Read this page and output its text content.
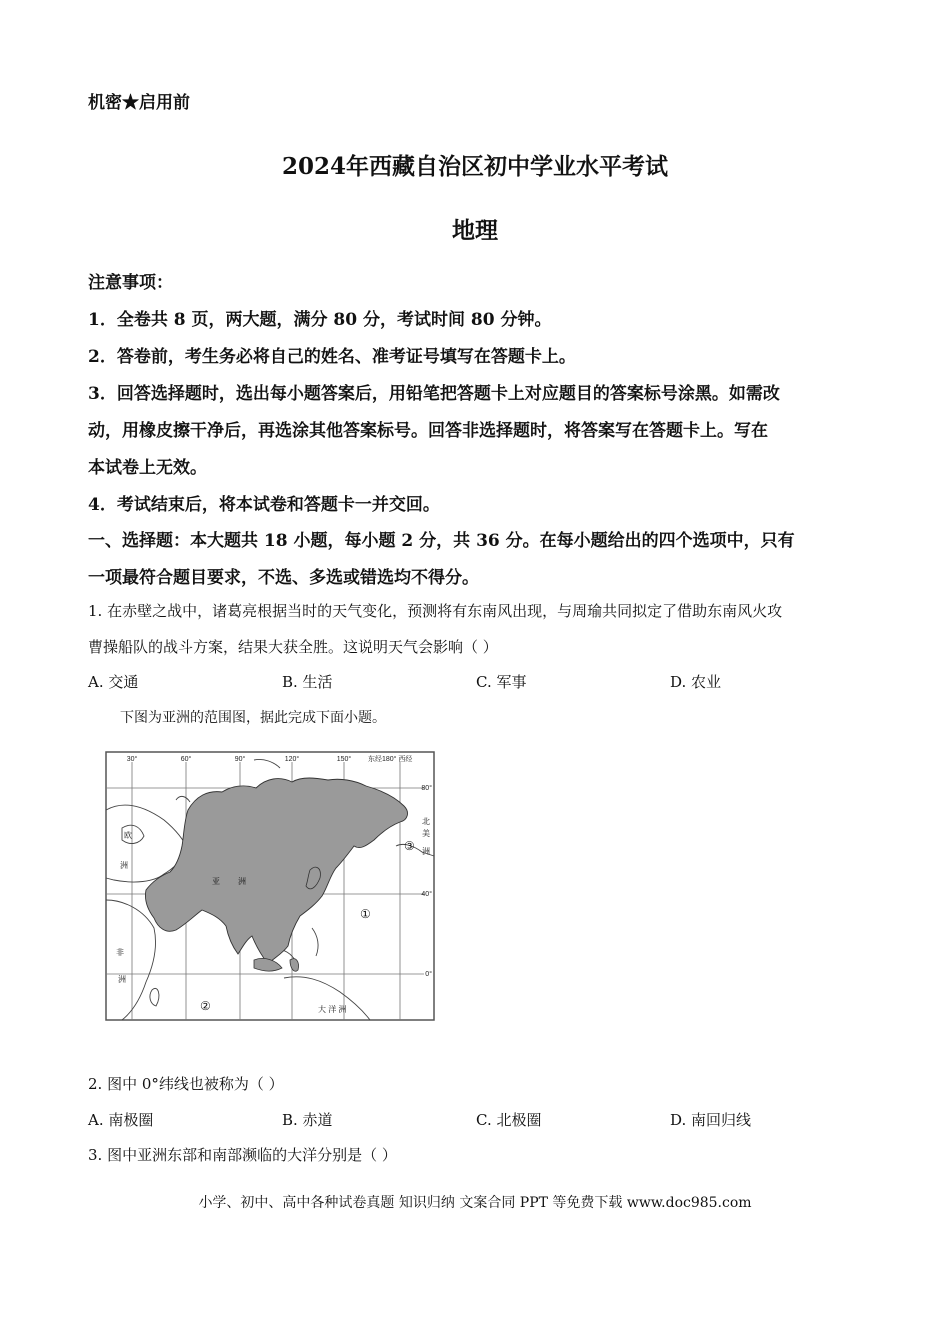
机密★启用前
2024年西藏自治区初中学业水平考试
地理
注意事项：
1．全卷共 8 页，两大题，满分 80 分，考试时间 80 分钟。
2．答卷前，考生务必将自己的姓名、准考证号填写在答题卡上。
3．回答选择题时，选出每小题答案后，用铅笔把答题卡上对应题目的答案标号涂黑。如需改
动，用橡皮擦干净后，再选涂其他答案标号。回答非选择题时，将答案写在答题卡上。写在
本试卷上无效。
4．考试结束后，将本试卷和答题卡一并交回。
一、选择题：本大题共 18 小题，每小题 2 分，共 36 分。在每小题给出的四个选项中，只有
一项最符合题目要求，不选、多选或错选均不得分。
1. 在赤壁之战中，诸葛亮根据当时的天气变化，预测将有东南风出现，与周瑜共同拟定了借助东南风火攻
曹操船队的战斗方案，结果大获全胜。这说明天气会影响（ ）
A. 交通	B. 生活	C. 军事	D. 农业
下图为亚洲的范围图，据此完成下面小题。
30°	60°	90°	120°	150° 东经180° 西经
80°
40°
0°
亚 洲
欧
洲
非
洲
北
美
洲
大 洋 洲
①
②
③
2. 图中 0°纬线也被称为（ ）
A. 南极圈	B. 赤道	C. 北极圈	D. 南回归线
3. 图中亚洲东部和南部濒临的大洋分别是（ ）
小学、初中、高中各种试卷真题 知识归纳 文案合同 PPT 等免费下载 www.doc985.com
